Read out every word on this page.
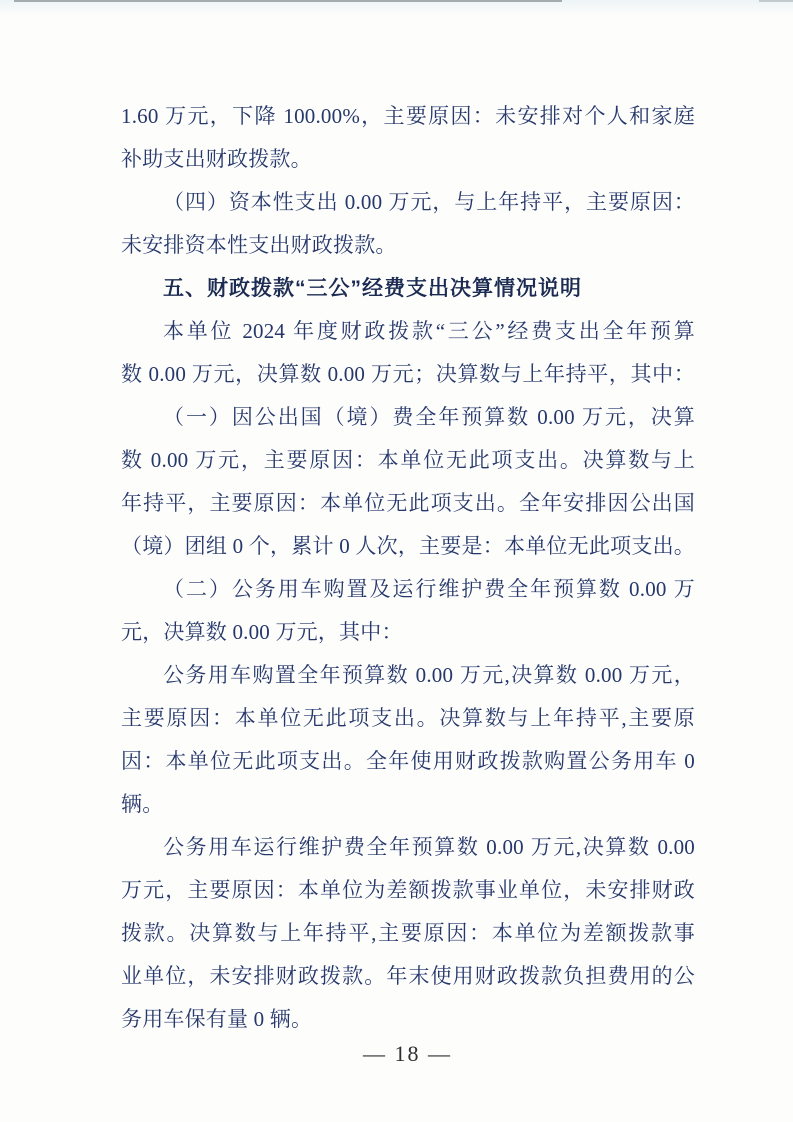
1.60 万元，下降 100.00%，主要原因：未安排对个人和家庭
补助支出财政拨款。
（四）资本性支出 0.00 万元，与上年持平，主要原因：
未安排资本性支出财政拨款。
五、财政拨款“三公”经费支出决算情况说明
本单位 2024 年度财政拨款“三公”经费支出全年预算
数 0.00 万元，决算数 0.00 万元；决算数与上年持平，其中：
（一）因公出国（境）费全年预算数 0.00 万元，决算
数 0.00 万元，主要原因：本单位无此项支出。决算数与上
年持平，主要原因：本单位无此项支出。全年安排因公出国
（境）团组 0 个，累计 0 人次，主要是：本单位无此项支出。
（二）公务用车购置及运行维护费全年预算数 0.00 万
元，决算数 0.00 万元，其中：
公务用车购置全年预算数 0.00 万元,决算数 0.00 万元，
主要原因：本单位无此项支出。决算数与上年持平,主要原
因：本单位无此项支出。全年使用财政拨款购置公务用车 0
辆。
公务用车运行维护费全年预算数 0.00 万元,决算数 0.00
万元，主要原因：本单位为差额拨款事业单位，未安排财政
拨款。决算数与上年持平,主要原因：本单位为差额拨款事
业单位，未安排财政拨款。年末使用财政拨款负担费用的公
务用车保有量 0 辆。
— 18 —
